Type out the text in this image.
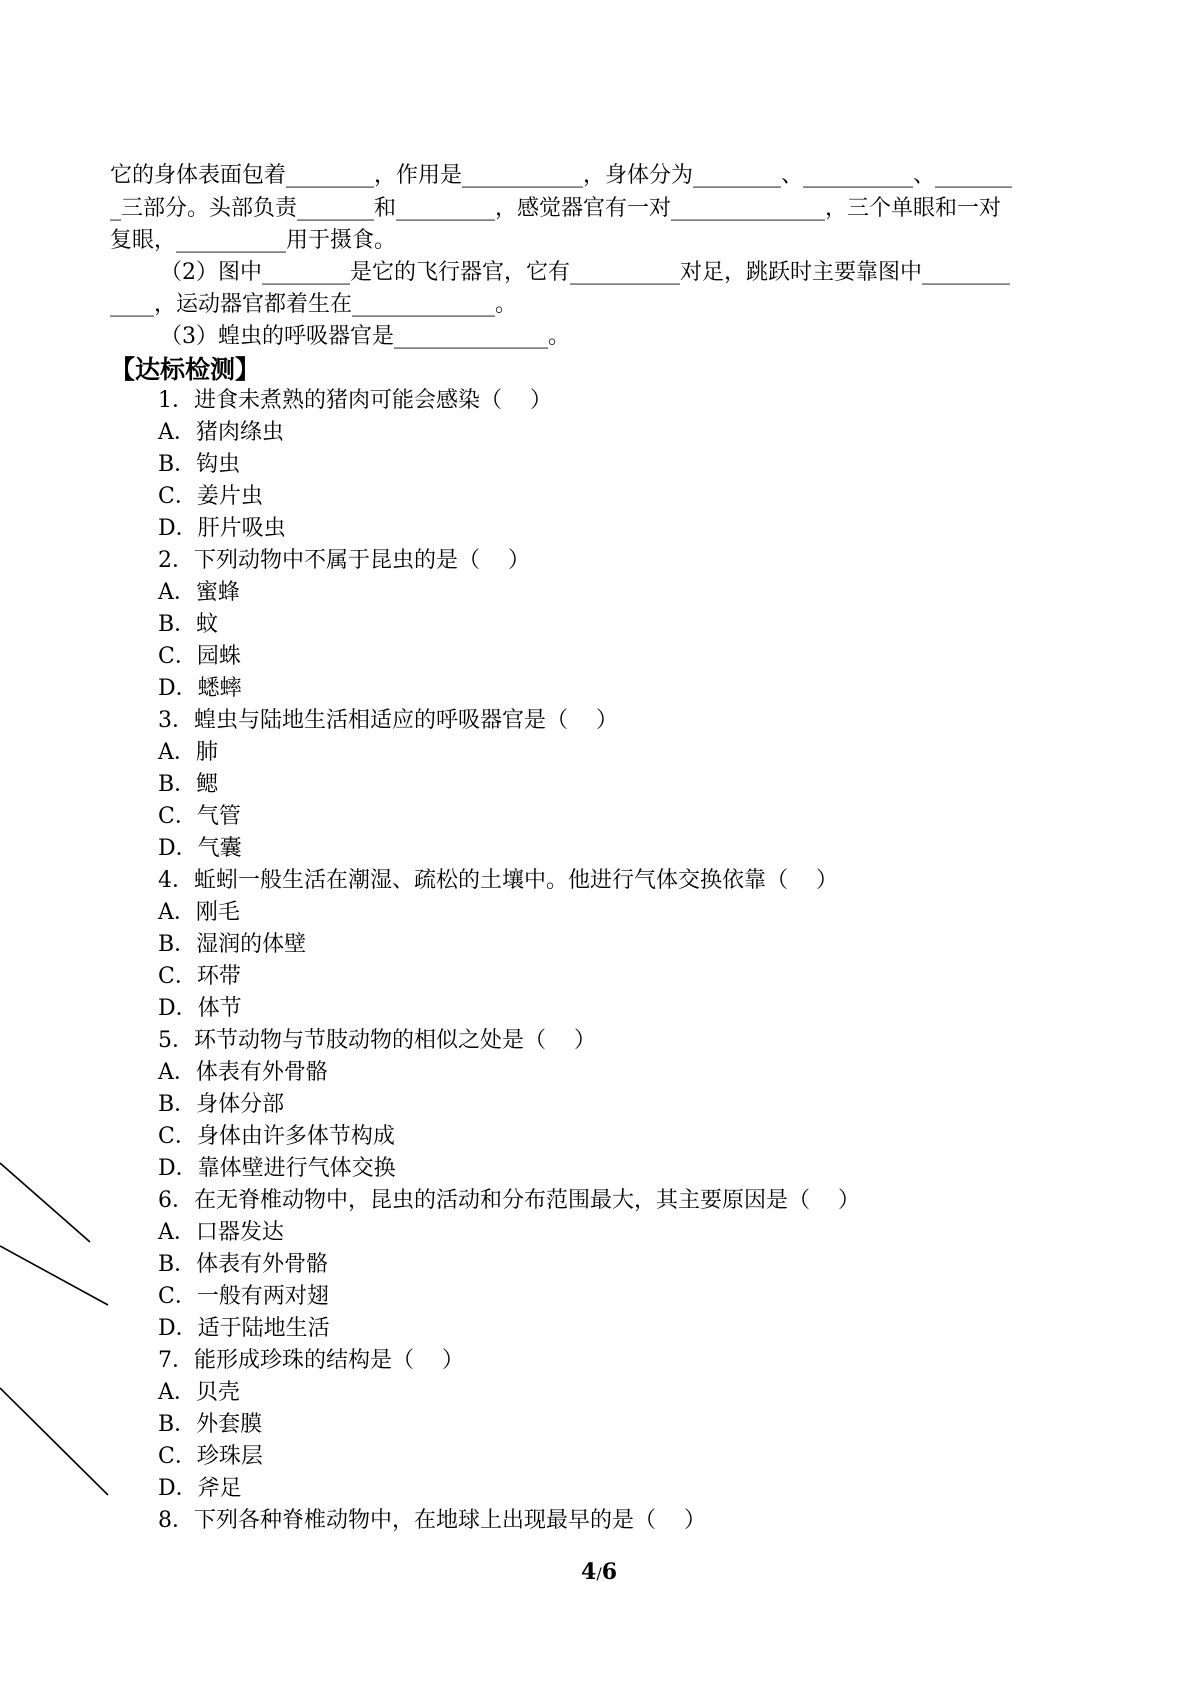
它的身体表面包着________，作用是___________，身体分为________、__________、_______
_三部分。头部负责_______和_________，感觉器官有一对______________，三个单眼和一对
复眼，__________用于摄食。
（2）图中________是它的飞行器官，它有__________对足，跳跃时主要靠图中________
____，运动器官都着生在_____________。
（3）蝗虫的呼吸器官是______________。
【达标检测】
1．进食未煮熟的猪肉可能会感染（    ）
A．猪肉绦虫
B．钩虫
C．姜片虫
D．肝片吸虫
2．下列动物中不属于昆虫的是（    ）
A．蜜蜂
B．蚊
C．园蛛
D．蟋蟀
3．蝗虫与陆地生活相适应的呼吸器官是（    ）
A．肺
B．鳃
C．气管
D．气囊
4．蚯蚓一般生活在潮湿、疏松的土壤中。他进行气体交换依靠（    ）
A．刚毛
B．湿润的体壁
C．环带
D．体节
5．环节动物与节肢动物的相似之处是（    ）
A．体表有外骨骼
B．身体分部
C．身体由许多体节构成
D．靠体壁进行气体交换
6．在无脊椎动物中，昆虫的活动和分布范围最大，其主要原因是（    ）
A．口器发达
B．体表有外骨骼
C．一般有两对翅
D．适于陆地生活
7．能形成珍珠的结构是（    ）
A．贝壳
B．外套膜
C．珍珠层
D．斧足
8．下列各种脊椎动物中，在地球上出现最早的是（    ）
4/6
